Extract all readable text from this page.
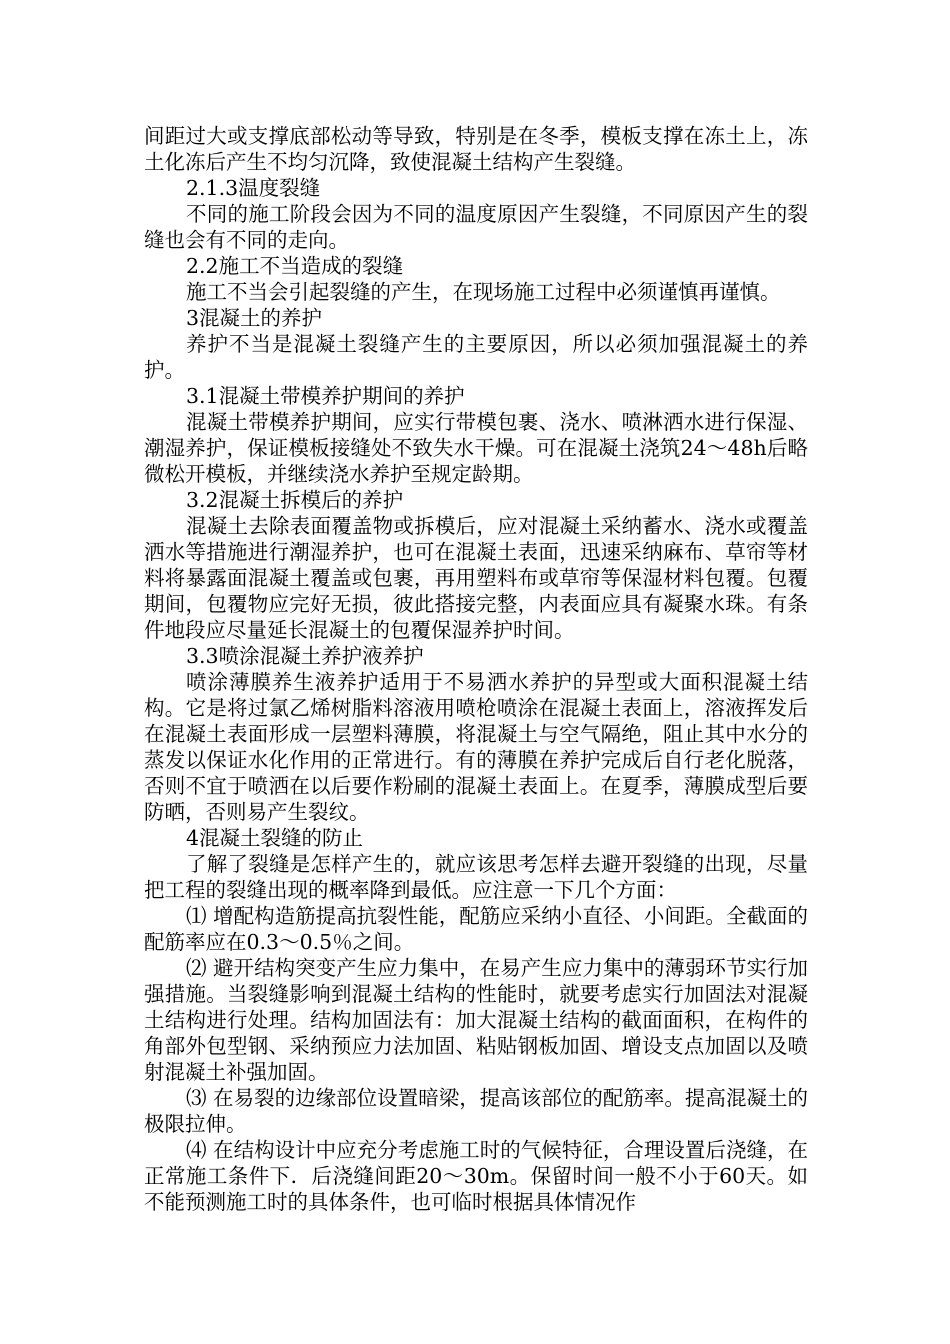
间距过大或支撑底部松动等导致，特别是在冬季，模板支撑在冻土上，冻土化冻后产生不均匀沉降，致使混凝土结构产生裂缝。

2.1.3温度裂缝

不同的施工阶段会因为不同的温度原因产生裂缝，不同原因产生的裂缝也会有不同的走向。

2.2施工不当造成的裂缝

施工不当会引起裂缝的产生，在现场施工过程中必须谨慎再谨慎。

3混凝土的养护

养护不当是混凝土裂缝产生的主要原因，所以必须加强混凝土的养护。

3.1混凝土带模养护期间的养护

混凝土带模养护期间，应实行带模包裹、浇水、喷淋洒水进行保湿、潮湿养护，保证模板接缝处不致失水干燥。可在混凝土浇筑24～48h后略微松开模板，并继续浇水养护至规定龄期。

3.2混凝土拆模后的养护

混凝土去除表面覆盖物或拆模后，应对混凝土采纳蓄水、浇水或覆盖洒水等措施进行潮湿养护，也可在混凝土表面，迅速采纳麻布、草帘等材料将暴露面混凝土覆盖或包裹，再用塑料布或草帘等保湿材料包覆。包覆期间，包覆物应完好无损，彼此搭接完整，内表面应具有凝聚水珠。有条件地段应尽量延长混凝土的包覆保湿养护时间。

3.3喷涂混凝土养护液养护

喷涂薄膜养生液养护适用于不易洒水养护的异型或大面积混凝土结构。它是将过氯乙烯树脂料溶液用喷枪喷涂在混凝土表面上，溶液挥发后在混凝土表面形成一层塑料薄膜，将混凝土与空气隔绝，阻止其中水分的蒸发以保证水化作用的正常进行。有的薄膜在养护完成后自行老化脱落，否则不宜于喷洒在以后要作粉刷的混凝土表面上。在夏季，薄膜成型后要防晒，否则易产生裂纹。

4混凝土裂缝的防止

了解了裂缝是怎样产生的，就应该思考怎样去避开裂缝的出现，尽量把工程的裂缝出现的概率降到最低。应注意一下几个方面：

⑴ 增配构造筋提高抗裂性能，配筋应采纳小直径、小间距。全截面的配筋率应在0.3～0.5％之间。

⑵ 避开结构突变产生应力集中，在易产生应力集中的薄弱环节实行加强措施。当裂缝影响到混凝土结构的性能时，就要考虑实行加固法对混凝土结构进行处理。结构加固法有：加大混凝土结构的截面面积，在构件的角部外包型钢、采纳预应力法加固、粘贴钢板加固、增设支点加固以及喷射混凝土补强加固。

⑶ 在易裂的边缘部位设置暗梁，提高该部位的配筋率。提高混凝土的极限拉伸。

⑷ 在结构设计中应充分考虑施工时的气候特征，合理设置后浇缝，在正常施工条件下．后浇缝间距20～30m。保留时间一般不小于60天。如不能预测施工时的具体条件，也可临时根据具体情况作
